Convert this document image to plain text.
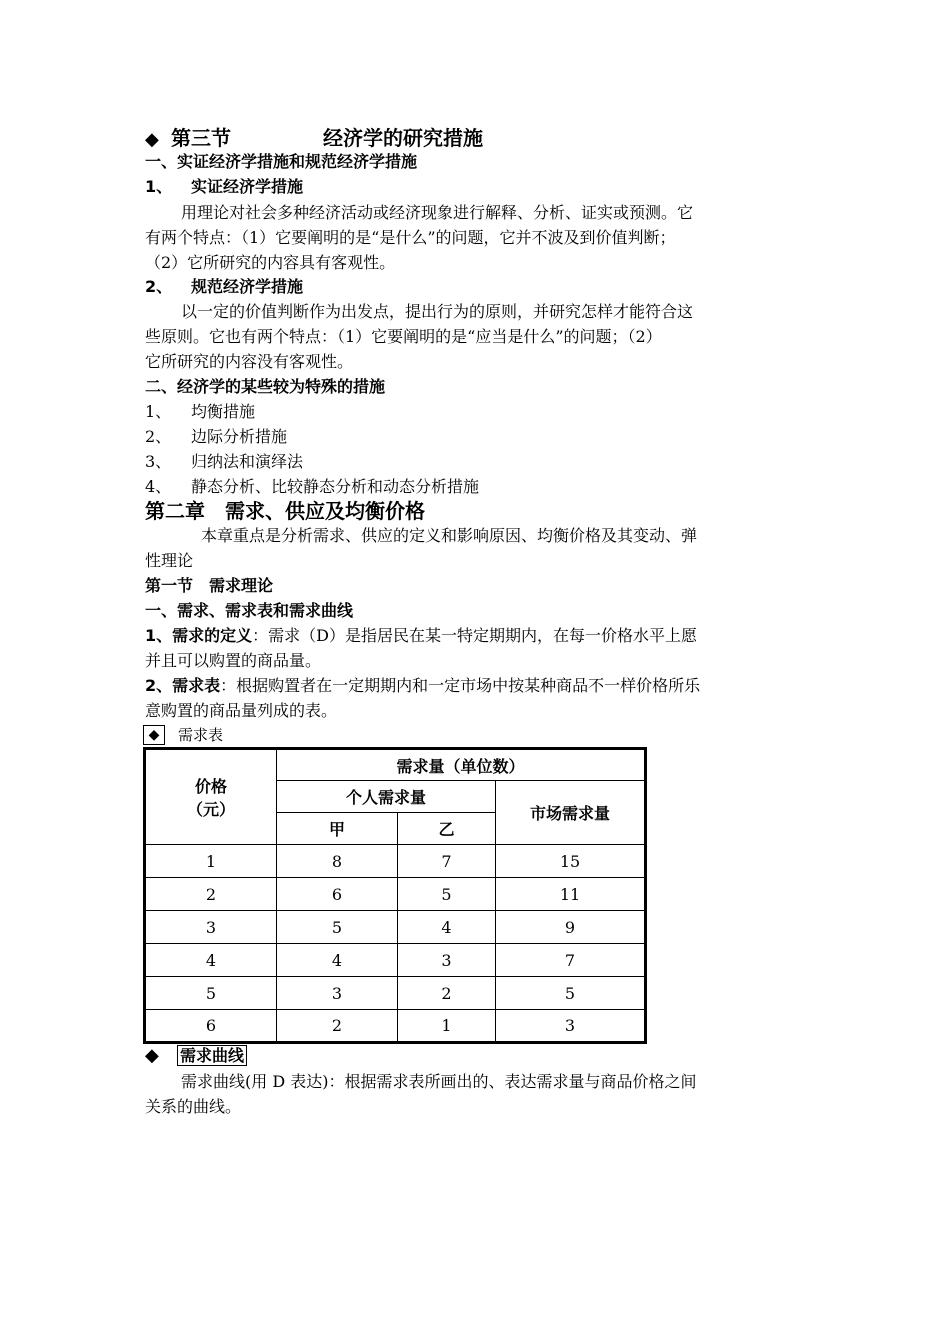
◆ 第三节	经济学的研究措施
一、实证经济学措施和规范经济学措施
1、 实证经济学措施
用理论对社会多种经济活动或经济现象进行解释、分析、证实或预测。它
有两个特点：（1）它要阐明的是“是什么”的问题，它并不波及到价值判断；
（2）它所研究的内容具有客观性。
2、 规范经济学措施
以一定的价值判断作为出发点，提出行为的原则，并研究怎样才能符合这
些原则。它也有两个特点：（1）它要阐明的是“应当是什么”的问题；（2）
它所研究的内容没有客观性。
二、经济学的某些较为特殊的措施
1、 均衡措施
2、 边际分析措施
3、 归纳法和演绎法
4、 静态分析、比较静态分析和动态分析措施
第二章　需求、供应及均衡价格
本章重点是分析需求、供应的定义和影响原因、均衡价格及其变动、弹
性理论
第一节　需求理论
一、需求、需求表和需求曲线
1、需求的定义：需求（D）是指居民在某一特定期期内，在每一价格水平上愿
并且可以购置的商品量。
2、需求表：根据购置者在一定期期内和一定市场中按某种商品不一样价格所乐
意购置的商品量列成的表。
◆	需求表
价格
（元）	需求量（单位数）		
	个人需求量		市场需求量
	甲	乙	
1	8	7	15
2	6	5	11
3	5	4	9
4	4	3	7
5	3	2	5
6	2	1	3
◆ 需求曲线
需求曲线(用 D 表达)：根据需求表所画出的、表达需求量与商品价格之间
关系的曲线。
